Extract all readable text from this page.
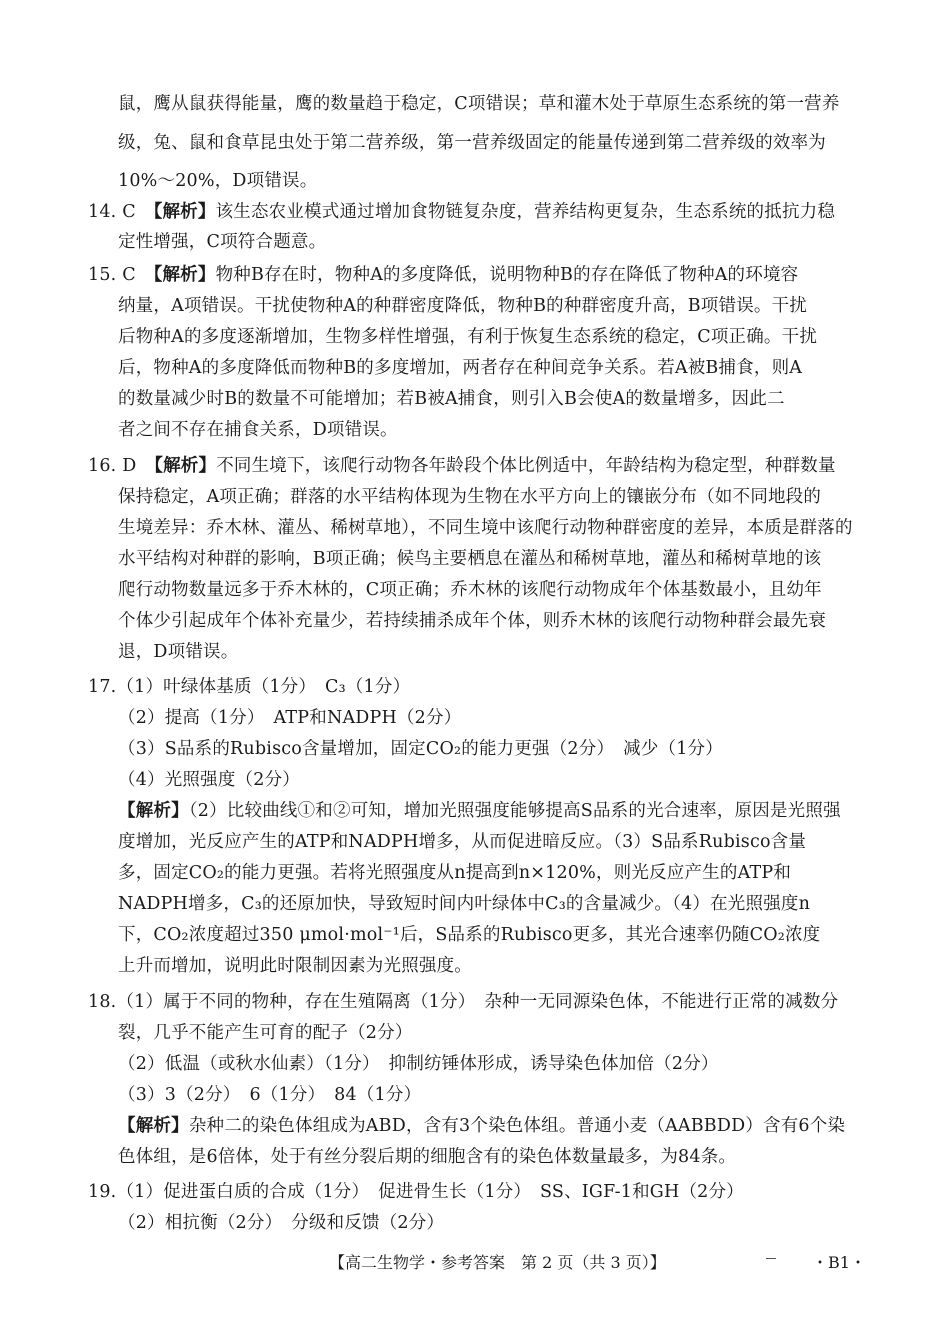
鼠，鹰从鼠获得能量，鹰的数量趋于稳定，C项错误；草和灌木处于草原生态系统的第一营养
级，兔、鼠和食草昆虫处于第二营养级，第一营养级固定的能量传递到第二营养级的效率为
10%～20%，D项错误。
14. C　 【解析】该生态农业模式通过增加食物链复杂度，营养结构更复杂，生态系统的抵抗力稳
定性增强，C项符合题意。
15. C　 【解析】物种B存在时，物种A的多度降低，说明物种B的存在降低了物种A的环境容
纳量，A项错误。干扰使物种A的种群密度降低，物种B的种群密度升高，B项错误。干扰
后物种A的多度逐渐增加，生物多样性增强，有利于恢复生态系统的稳定，C项正确。干扰
后，物种A的多度降低而物种B的多度增加，两者存在种间竞争关系。若A被B捕食，则A
的数量减少时B的数量不可能增加；若B被A捕食，则引入B会使A的数量增多，因此二
者之间不存在捕食关系，D项错误。
16. D　 【解析】不同生境下，该爬行动物各年龄段个体比例适中，年龄结构为稳定型，种群数量
保持稳定，A项正确；群落的水平结构体现为生物在水平方向上的镶嵌分布（如不同地段的
生境差异：乔木林、灌丛、稀树草地），不同生境中该爬行动物种群密度的差异，本质是群落的
水平结构对种群的影响，B项正确；候鸟主要栖息在灌丛和稀树草地，灌丛和稀树草地的该
爬行动物数量远多于乔木林的，C项正确；乔木林的该爬行动物成年个体基数最小，且幼年
个体少引起成年个体补充量少，若持续捕杀成年个体，则乔木林的该爬行动物种群会最先衰
退，D项错误。
17.（1）叶绿体基质（1分）　C₃（1分）
（2）提高（1分）　ATP和NADPH（2分）
（3）S品系的Rubisco含量增加，固定CO₂的能力更强（2分）　减少（1分）
（4）光照强度（2分）
【解析】（2）比较曲线①和②可知，增加光照强度能够提高S品系的光合速率，原因是光照强
度增加，光反应产生的ATP和NADPH增多，从而促进暗反应。（3）S品系Rubisco含量
多，固定CO₂的能力更强。若将光照强度从n提高到n×120%，则光反应产生的ATP和
NADPH增多，C₃的还原加快，导致短时间内叶绿体中C₃的含量减少。（4）在光照强度n
下，CO₂浓度超过350 μmol·mol⁻¹后，S品系的Rubisco更多，其光合速率仍随CO₂浓度
上升而增加，说明此时限制因素为光照强度。
18.（1）属于不同的物种，存在生殖隔离（1分）　杂种一无同源染色体，不能进行正常的减数分
裂，几乎不能产生可育的配子（2分）
（2）低温（或秋水仙素）（1分）　抑制纺锤体形成，诱导染色体加倍（2分）
（3）3（2分）　6（1分）　84（1分）
【解析】杂种二的染色体组成为ABD，含有3个染色体组。普通小麦（AABBDD）含有6个染
色体组，是6倍体，处于有丝分裂后期的细胞含有的染色体数量最多，为84条。
19.（1）促进蛋白质的合成（1分）　促进骨生长（1分）　SS、IGF-1和GH（2分）
（2）相抗衡（2分）　分级和反馈（2分）
【高二生物学・参考答案　第 2 页（共 3 页）】	・B1・
